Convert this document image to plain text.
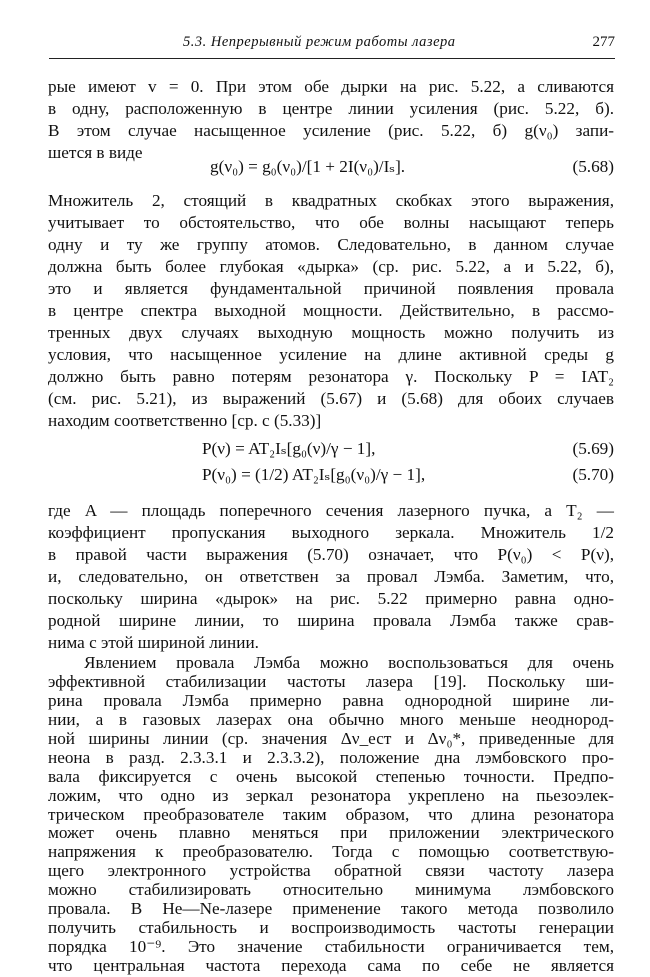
5.3. Непрерывный режим работы лазера	277
рые имеют v = 0. При этом обе дырки на рис. 5.22, a сливаются
в одну, расположенную в центре линии усиления (рис. 5.22, б).
В этом случае насыщенное усиление (рис. 5.22, б) g(ν₀) запи-
шется в виде
g(ν₀) = g₀(ν₀)/[1 + 2I(ν₀)/Iₛ].	(5.68)
Множитель 2, стоящий в квадратных скобках этого выражения,
учитывает то обстоятельство, что обе волны насыщают теперь
одну и ту же группу атомов. Следовательно, в данном случае
должна быть более глубокая «дырка» (ср. рис. 5.22, a и 5.22, б),
это и является фундаментальной причиной появления провала
в центре спектра выходной мощности. Действительно, в рассмо-
тренных двух случаях выходную мощность можно получить из
условия, что насыщенное усиление на длине активной среды g
должно быть равно потерям резонатора γ. Поскольку P = IAT₂
(см. рис. 5.21), из выражений (5.67) и (5.68) для обоих случаев
находим соответственно [ср. с (5.33)]
P(ν) = AT₂Iₛ[g₀(ν)/γ − 1],	(5.69)
P(ν₀) = (1/2) AT₂Iₛ[g₀(ν₀)/γ − 1],	(5.70)
где A — площадь поперечного сечения лазерного пучка, а T₂ —
коэффициент пропускания выходного зеркала. Множитель 1/2
в правой части выражения (5.70) означает, что P(ν₀) < P(ν),
и, следовательно, он ответствен за провал Лэмба. Заметим, что,
поскольку ширина «дырок» на рис. 5.22 примерно равна одно-
родной ширине линии, то ширина провала Лэмба также срав-
нима с этой шириной линии.
Явлением провала Лэмба можно воспользоваться для очень
эффективной стабилизации частоты лазера [19]. Поскольку ши-
рина провала Лэмба примерно равна однородной ширине ли-
нии, а в газовых лазерах она обычно много меньше неоднород-
ной ширины линии (ср. значения Δν_ест и Δν₀*, приведенные для
неона в разд. 2.3.3.1 и 2.3.3.2), положение дна лэмбовского про-
вала фиксируется с очень высокой степенью точности. Предпо-
ложим, что одно из зеркал резонатора укреплено на пьезоэлек-
трическом преобразователе таким образом, что длина резонатора
может очень плавно меняться при приложении электрического
напряжения к преобразователю. Тогда с помощью соответствую-
щего электронного устройства обратной связи частоту лазера
можно стабилизировать относительно минимума лэмбовского
провала. В He—Ne-лазере применение такого метода позволило
получить стабильность и воспроизводимость частоты генерации
порядка 10⁻⁹. Это значение стабильности ограничивается тем,
что центральная частота перехода сама по себе не является
